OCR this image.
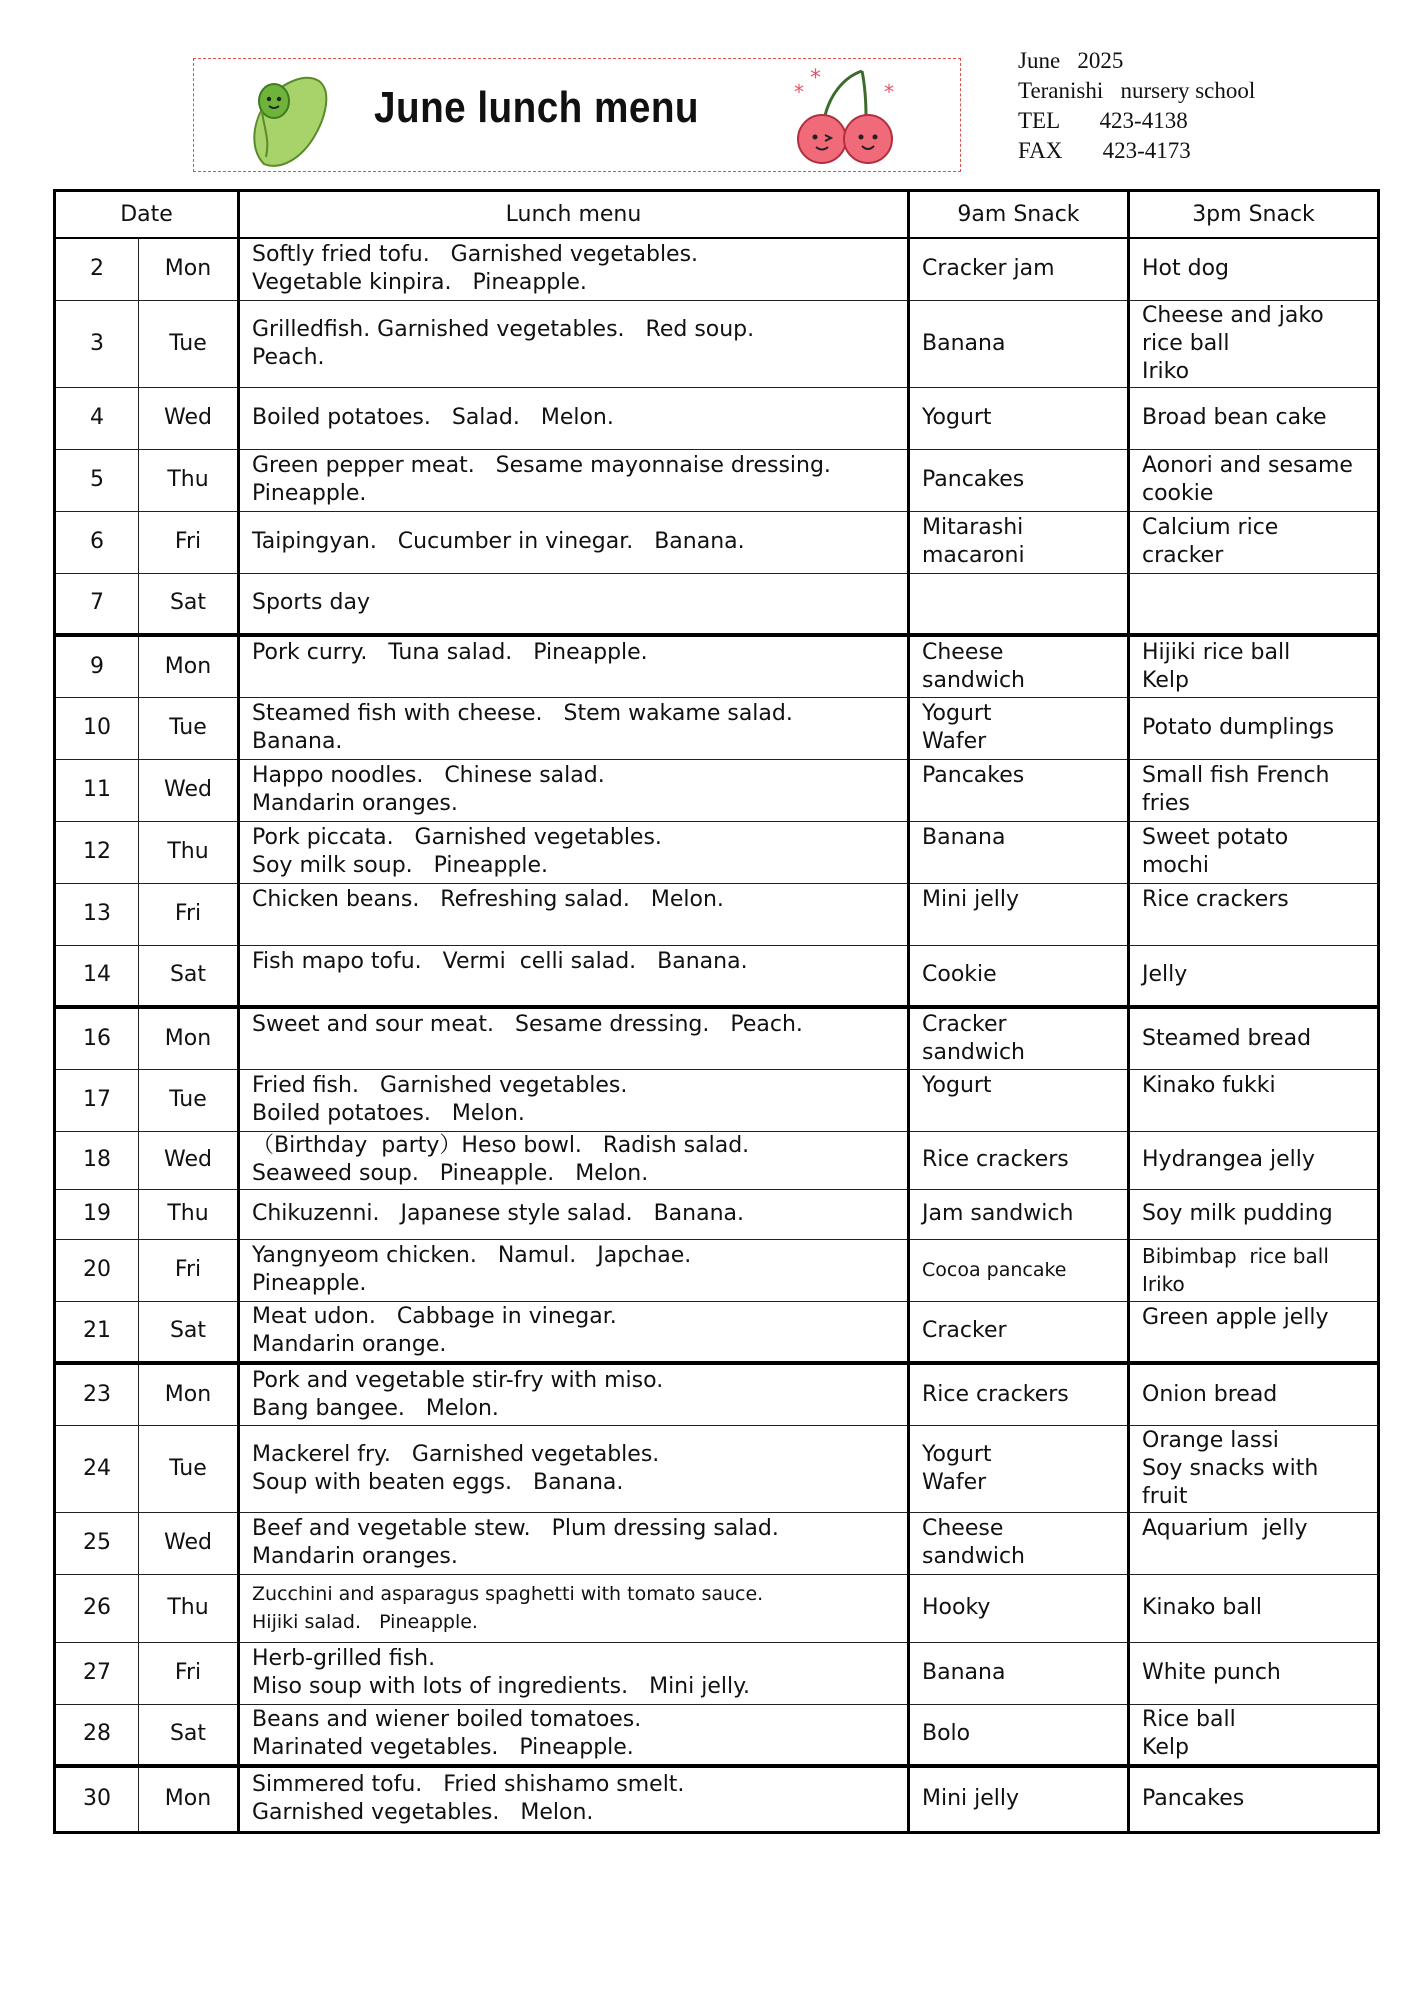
June lunch menu	*
*
*
June   2025
Teranishi   nursery school
TEL 423-4138
FAX 423-4173
Date		Lunch menu	9am Snack	3pm Snack
2	Mon	Softly fried tofu.   Garnished vegetables.
Vegetable kinpira.   Pineapple.	Cracker jam	Hot dog

3	Tue	Grilledfish. Garnished vegetables.   Red soup.
Peach.	Banana	Cheese and jako
rice ball
Iriko

4	Wed	Boiled potatoes.   Salad.   Melon.	Yogurt	Broad bean cake

5	Thu	Green pepper meat.   Sesame mayonnaise dressing.
Pineapple.	Pancakes	Aonori and sesame
cookie

6	Fri	Taipingyan.   Cucumber in vinegar.   Banana.	Mitarashi
macaroni	Calcium rice
cracker

7	Sat	Sports day		

9	Mon	Pork curry.   Tuna salad.   Pineapple.	Cheese
sandwich	Hijiki rice ball
Kelp

10	Tue	Steamed fish with cheese.   Stem wakame salad.
Banana.	Yogurt
Wafer	Potato dumplings

11	Wed	Happo noodles.   Chinese salad.
Mandarin oranges.	Pancakes	Small fish French
fries

12	Thu	Pork piccata.   Garnished vegetables.
Soy milk soup.   Pineapple.	Banana	Sweet potato
mochi

13	Fri	Chicken beans.   Refreshing salad.   Melon.	Mini jelly	Rice crackers

14	Sat	Fish mapo tofu.   Vermi  celli salad.   Banana.	Cookie	Jelly

16	Mon	Sweet and sour meat.   Sesame dressing.   Peach.	Cracker
sandwich	Steamed bread

17	Tue	Fried fish.   Garnished vegetables.
Boiled potatoes.   Melon.	Yogurt	Kinako fukki

18	Wed	（Birthday  party）Heso bowl.   Radish salad.
Seaweed soup.   Pineapple.   Melon.	Rice crackers	Hydrangea jelly

19	Thu	Chikuzenni.   Japanese style salad.   Banana.	Jam sandwich	Soy milk pudding

20	Fri	Yangnyeom chicken.   Namul.   Japchae.
Pineapple.	Cocoa pancake	Bibimbap  rice ball
Iriko

21	Sat	Meat udon.   Cabbage in vinegar.
Mandarin orange.	Cracker	Green apple jelly

23	Mon	Pork and vegetable stir-fry with miso.
Bang bangee.   Melon.	Rice crackers	Onion bread

24	Tue	Mackerel fry.   Garnished vegetables.
Soup with beaten eggs.   Banana.	Yogurt
Wafer	Orange lassi
Soy snacks with
fruit

25	Wed	Beef and vegetable stew.   Plum dressing salad.
Mandarin oranges.	Cheese
sandwich	Aquarium  jelly

26	Thu	Zucchini and asparagus spaghetti with tomato sauce.
Hijiki salad.   Pineapple.	Hooky	Kinako ball

27	Fri	Herb-grilled fish.
Miso soup with lots of ingredients.   Mini jelly.	Banana	White punch

28	Sat	Beans and wiener boiled tomatoes.
Marinated vegetables.   Pineapple.	Bolo	Rice ball
Kelp

30	Mon	Simmered tofu.   Fried shishamo smelt.
Garnished vegetables.   Melon.	Mini jelly	Pancakes
